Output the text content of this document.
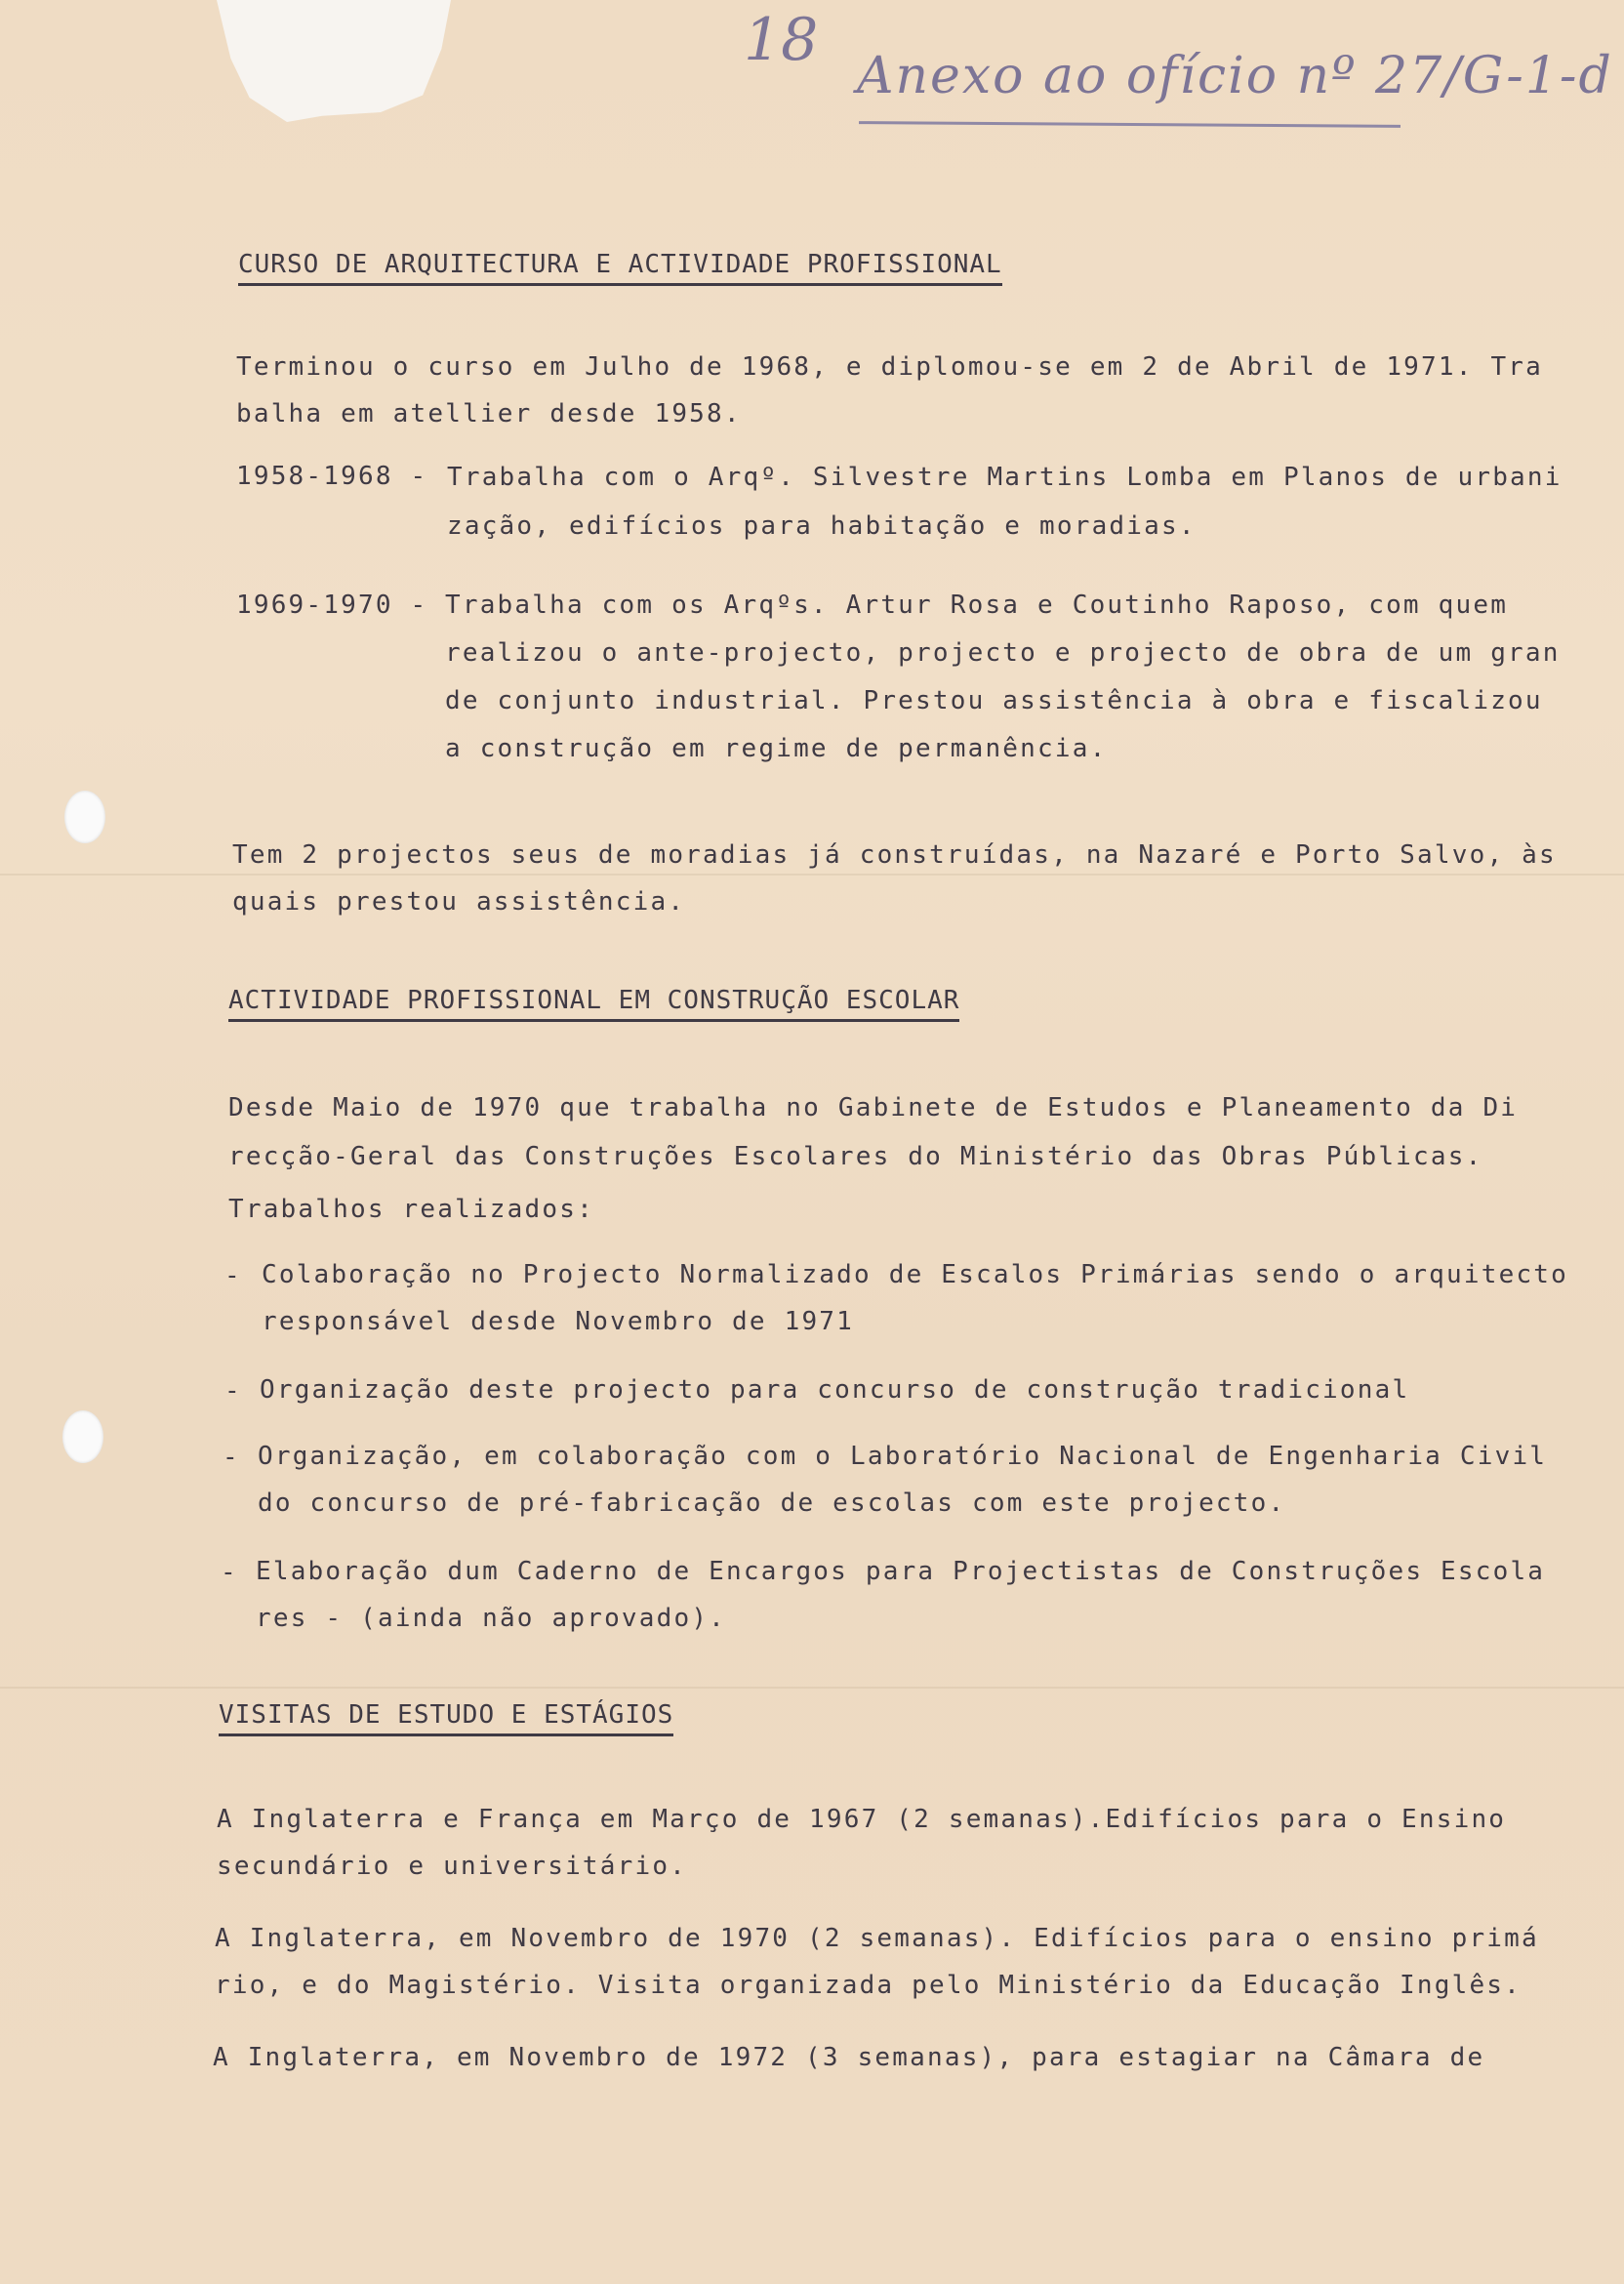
18
Anexo ao ofício nº 27/G-1-d
CURSO DE ARQUITECTURA E ACTIVIDADE PROFISSIONAL
Terminou o curso em Julho de 1968, e diplomou-se em 2 de Abril de 1971. Tra
balha em atellier desde 1958.
1958-1968 - Trabalha com o Arqº. Silvestre Martins Lomba em Planos de urbani
zação, edifícios para habitação e moradias.
1969-1970 - Trabalha com os Arqºs. Artur Rosa e Coutinho Raposo, com quem
realizou o ante-projecto, projecto e projecto de obra de um gran
de conjunto industrial. Prestou assistência à obra e fiscalizou
a construção em regime de permanência.
Tem 2 projectos seus de moradias já construídas, na Nazaré e Porto Salvo, às
quais prestou assistência.
ACTIVIDADE PROFISSIONAL EM CONSTRUÇÃO ESCOLAR
Desde Maio de 1970 que trabalha no Gabinete de Estudos e Planeamento da Di
recção-Geral das Construções Escolares do Ministério das Obras Públicas.
Trabalhos realizados:
- Colaboração no Projecto Normalizado de Escalos Primárias sendo o arquitecto
responsável desde Novembro de 1971
- Organização deste projecto para concurso de construção tradicional
- Organização, em colaboração com o Laboratório Nacional de Engenharia Civil
do concurso de pré-fabricação de escolas com este projecto.
- Elaboração dum Caderno de Encargos para Projectistas de Construções Escola
res - (ainda não aprovado).
VISITAS DE ESTUDO E ESTÁGIOS
A Inglaterra e França em Março de 1967 (2 semanas).Edifícios para o Ensino
secundário e universitário.
A Inglaterra, em Novembro de 1970 (2 semanas). Edifícios para o ensino primá
rio, e do Magistério. Visita organizada pelo Ministério da Educação Inglês.
A Inglaterra, em Novembro de 1972 (3 semanas), para estagiar na Câmara de
